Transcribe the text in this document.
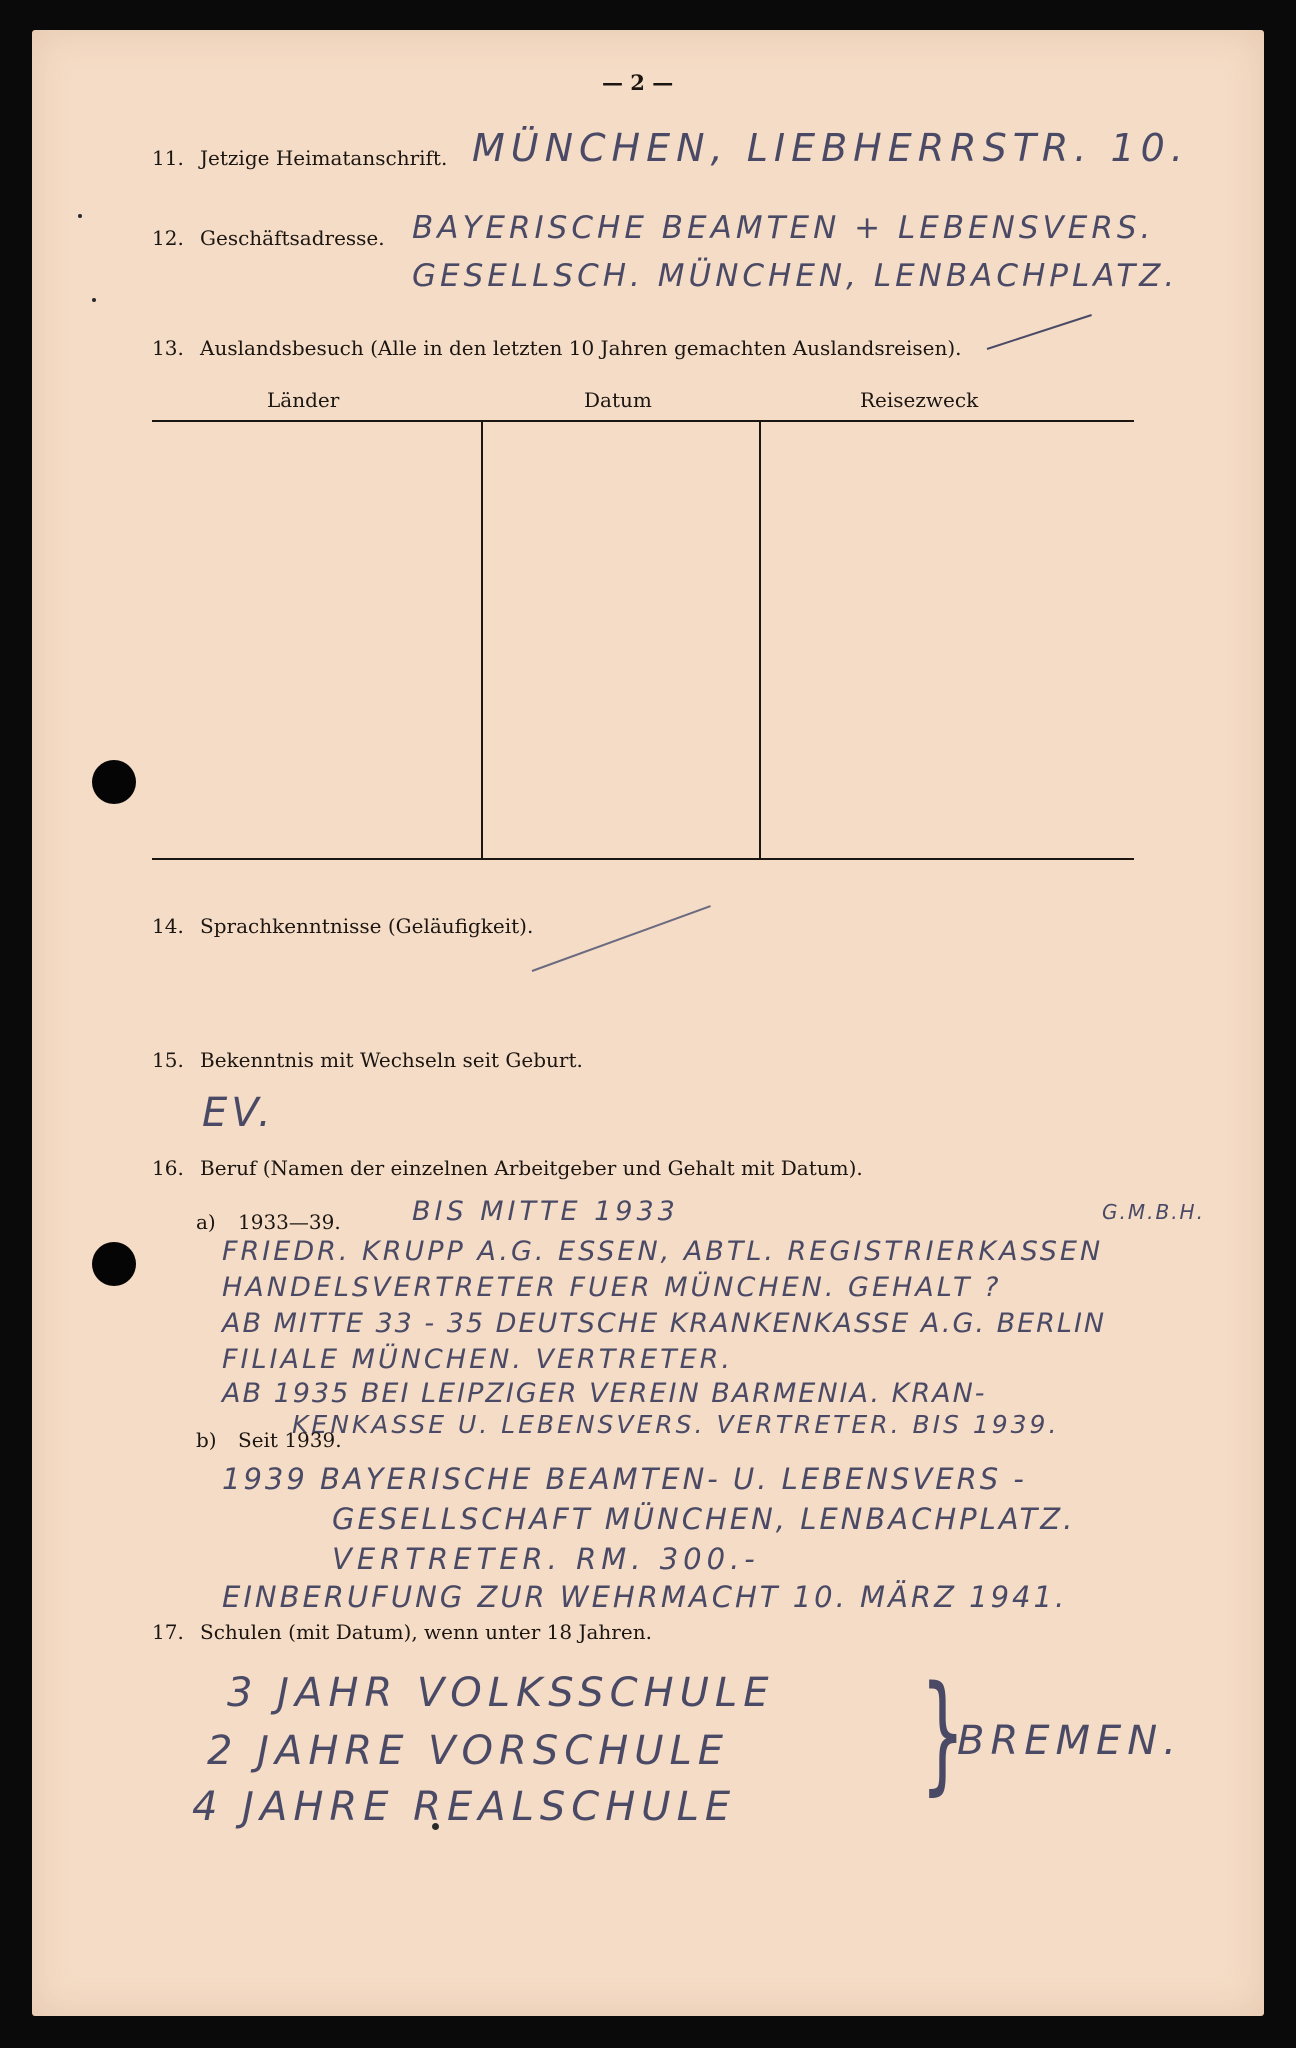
— 2 —
11. Jetzige Heimatanschrift. MÜNCHEN, LIEBHERRSTR. 10.
12. Geschäftsadresse. BAYERISCHE BEAMTEN + LEBENSVERS.
GESELLSCH. MÜNCHEN, LENBACHPLATZ.
13. Auslandsbesuch (Alle in den letzten 10 Jahren gemachten Auslandsreisen).
Länder	Datum	Reisezweck
14. Sprachkenntnisse (Geläufigkeit).
15. Bekenntnis mit Wechseln seit Geburt.
EV.
16. Beruf (Namen der einzelnen Arbeitgeber und Gehalt mit Datum).
a) 1933—39.	BIS MITTE 1933	G.M.B.H.
FRIEDR. KRUPP A.G. ESSEN, ABTL. REGISTRIERKASSEN
HANDELSVERTRETER FUER MÜNCHEN. GEHALT ?
AB MITTE 33 - 35 DEUTSCHE KRANKENKASSE A.G. BERLIN
FILIALE MÜNCHEN. VERTRETER.
AB 1935 BEI LEIPZIGER VEREIN BARMENIA. KRAN-
KENKASSE U. LEBENSVERS. VERTRETER. BIS 1939.
b) Seit 1939.
1939 BAYERISCHE BEAMTEN- U. LEBENSVERS -
GESELLSCHAFT MÜNCHEN, LENBACHPLATZ.
VERTRETER. RM. 300.-
EINBERUFUNG ZUR WEHRMACHT 10. MÄRZ 1941.
17. Schulen (mit Datum), wenn unter 18 Jahren.
3 JAHR VOLKSSCHULE
2 JAHRE VORSCHULE
4 JAHRE REALSCHULE }
BREMEN.
